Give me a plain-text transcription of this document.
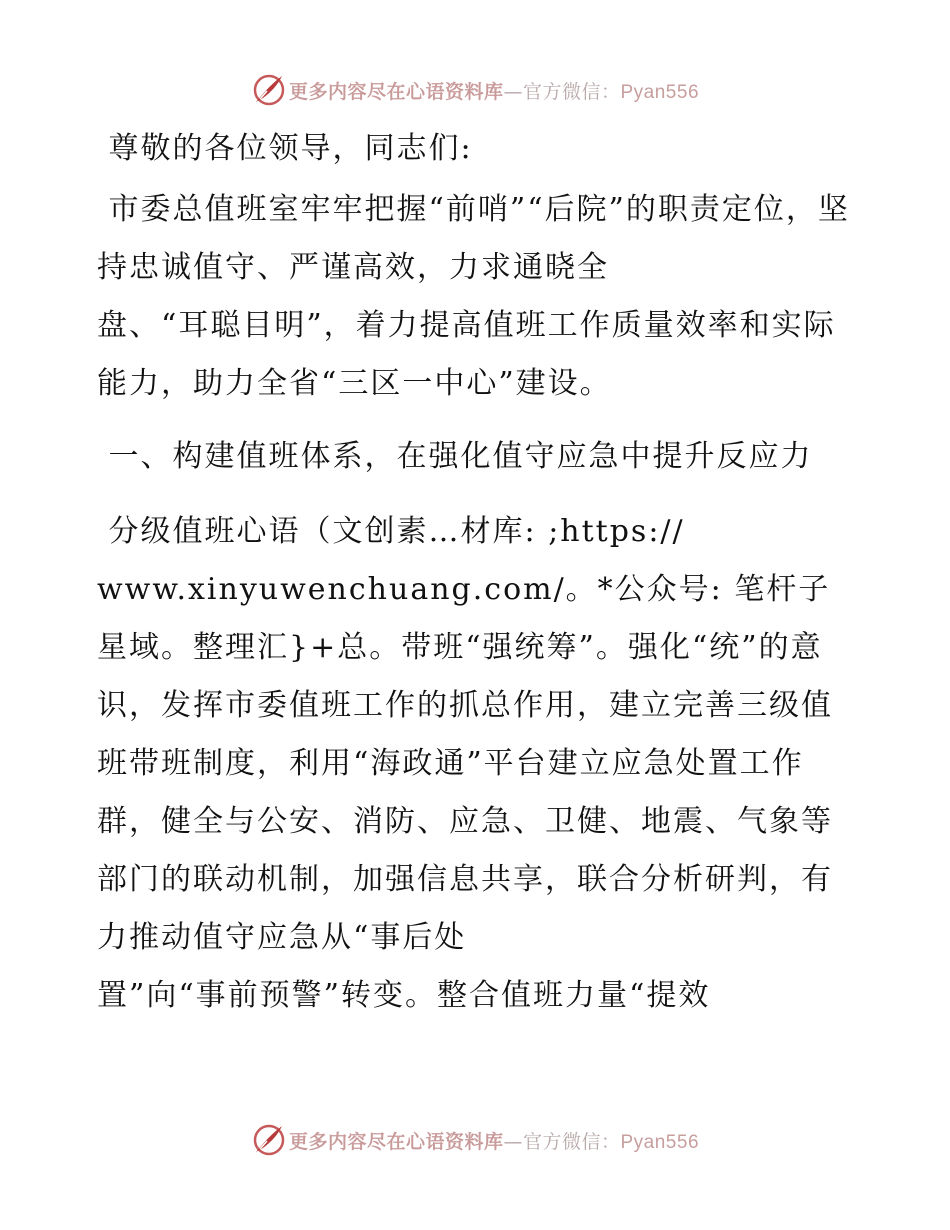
更多内容尽在心语资料库—官方微信：Pyan556

尊敬的各位领导，同志们:

市委总值班室牢牢把握“前哨”“后院”的职责定位，坚持忠诚值守、严谨高效，力求通晓全
盘、“耳聪目明”，着力提高值班工作质量效率和实际能力，助力全省“三区一中心”建设。

一、构建值班体系，在强化值守应急中提升反应力

分级值班心语（文创素…材库: ;https://
www.xinyuwenchuang.com/。*公众号: 笔杆子星域。整理汇}+总。带班“强统筹”。强化“统”的意识，发挥市委值班工作的抓总作用，建立完善三级值班带班制度，利用“海政通”平台建立应急处置工作群，健全与公安、消防、应急、卫健、地震、气象等部门的联动机制，加强信息共享，联合分析研判，有力推动值守应急从“事后处
置”向“事前预警”转变。整合值班力量“提效

更多内容尽在心语资料库—官方微信：Pyan556
